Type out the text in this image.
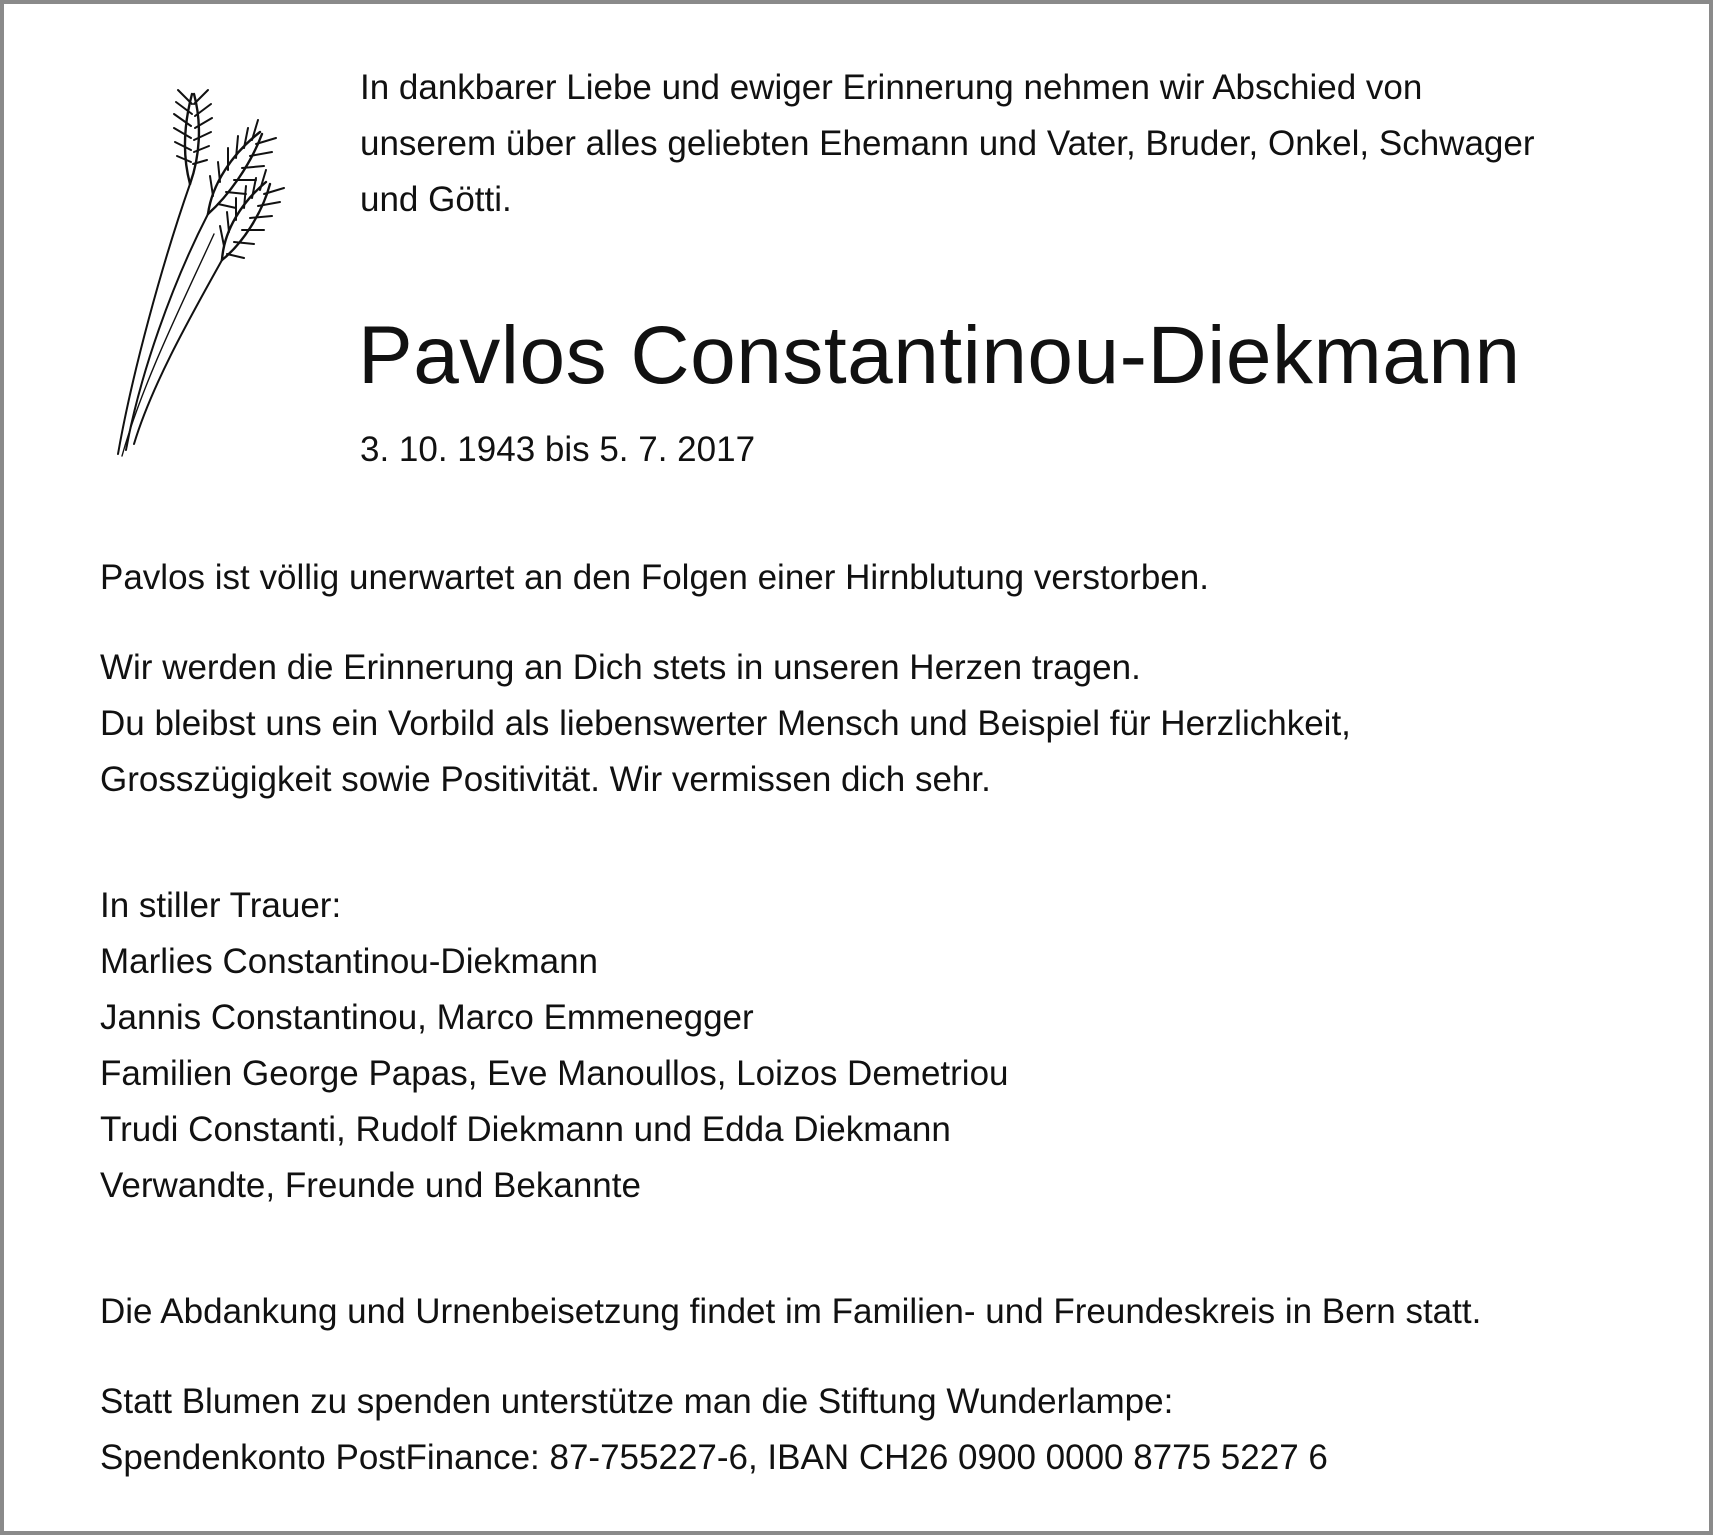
In dankbarer Liebe und ewiger Erinnerung nehmen wir Abschied von
unserem über alles geliebten Ehemann und Vater, Bruder, Onkel, Schwager
und Götti.

Pavlos Constantinou-Diekmann

3. 10. 1943 bis 5. 7. 2017

Pavlos ist völlig unerwartet an den Folgen einer Hirnblutung verstorben.

Wir werden die Erinnerung an Dich stets in unseren Herzen tragen.
Du bleibst uns ein Vorbild als liebenswerter Mensch und Beispiel für Herzlichkeit,
Grosszügigkeit sowie Positivität. Wir vermissen dich sehr.

In stiller Trauer:
Marlies Constantinou-Diekmann
Jannis Constantinou, Marco Emmenegger
Familien George Papas, Eve Manoullos, Loizos Demetriou
Trudi Constanti, Rudolf Diekmann und Edda Diekmann
Verwandte, Freunde und Bekannte

Die Abdankung und Urnenbeisetzung findet im Familien- und Freundeskreis in Bern statt.

Statt Blumen zu spenden unterstütze man die Stiftung Wunderlampe:
Spendenkonto PostFinance: 87-755227-6, IBAN CH26 0900 0000 8775 5227 6
